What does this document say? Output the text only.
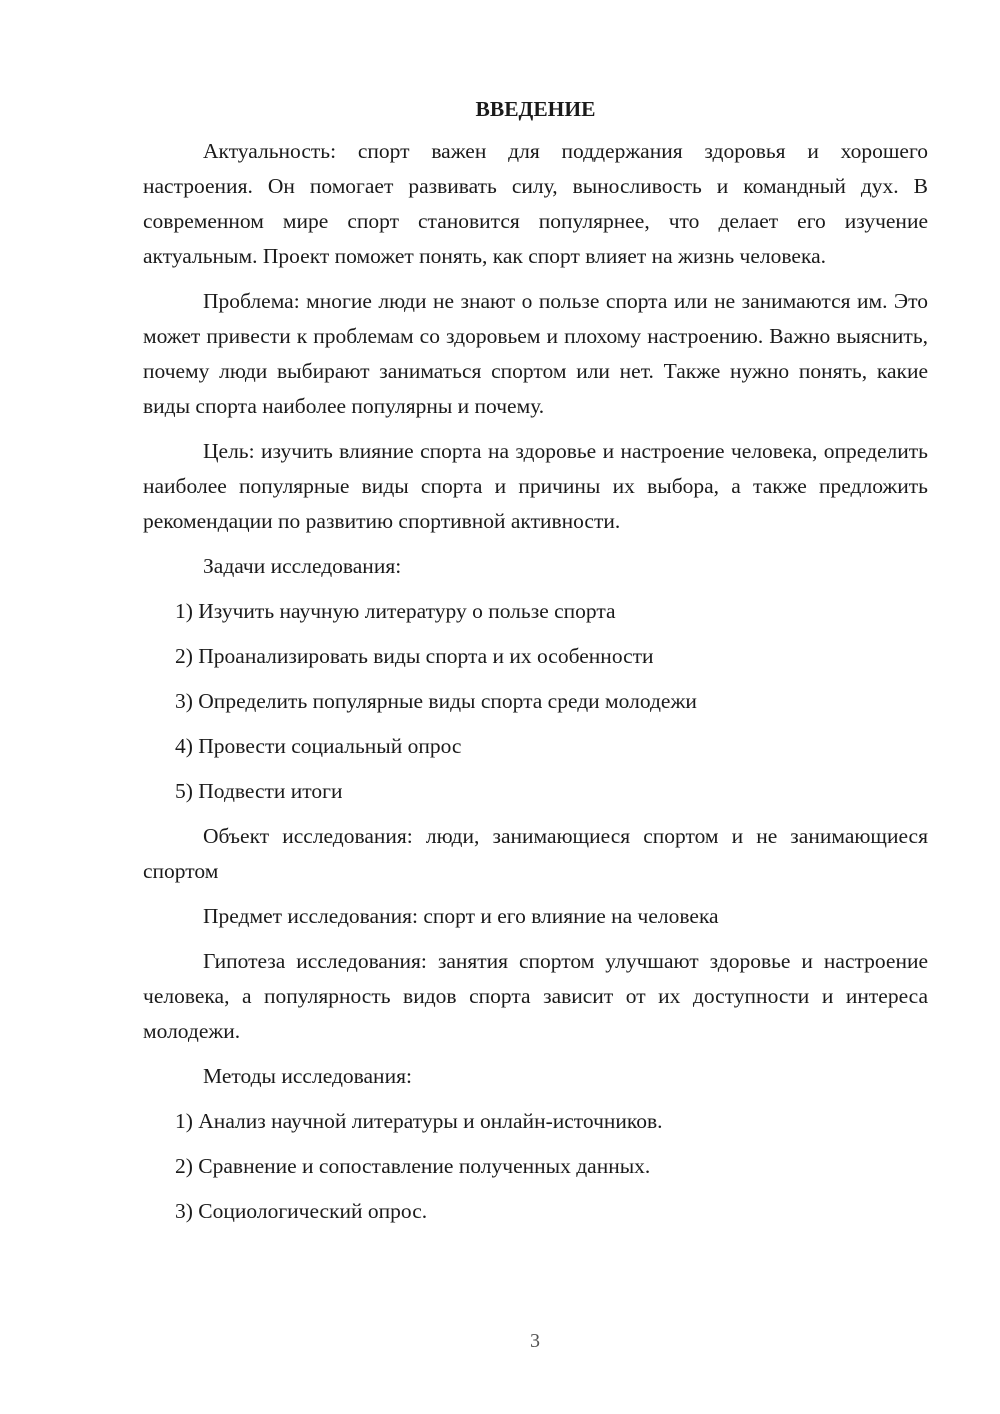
ВВЕДЕНИЕ
Актуальность: спорт важен для поддержания здоровья и хорошего настроения. Он помогает развивать силу, выносливость и командный дух. В современном мире спорт становится популярнее, что делает его изучение актуальным. Проект поможет понять, как спорт влияет на жизнь человека.
Проблема: многие люди не знают о пользе спорта или не занимаются им. Это может привести к проблемам со здоровьем и плохому настроению. Важно выяснить, почему люди выбирают заниматься спортом или нет. Также нужно понять, какие виды спорта наиболее популярны и почему.
Цель: изучить влияние спорта на здоровье и настроение человека, определить наиболее популярные виды спорта и причины их выбора, а также предложить рекомендации по развитию спортивной активности.
Задачи исследования:
1) Изучить научную литературу о пользе спорта
2) Проанализировать виды спорта и их особенности
3) Определить популярные виды спорта среди молодежи
4) Провести социальный опрос
5) Подвести итоги
Объект исследования: люди, занимающиеся спортом и не занимающиеся спортом
Предмет исследования: спорт и его влияние на человека
Гипотеза исследования: занятия спортом улучшают здоровье и настроение человека, а популярность видов спорта зависит от их доступности и интереса молодежи.
Методы исследования:
1) Анализ научной литературы и онлайн-источников.
2) Сравнение и сопоставление полученных данных.
3) Социологический опрос.
3
